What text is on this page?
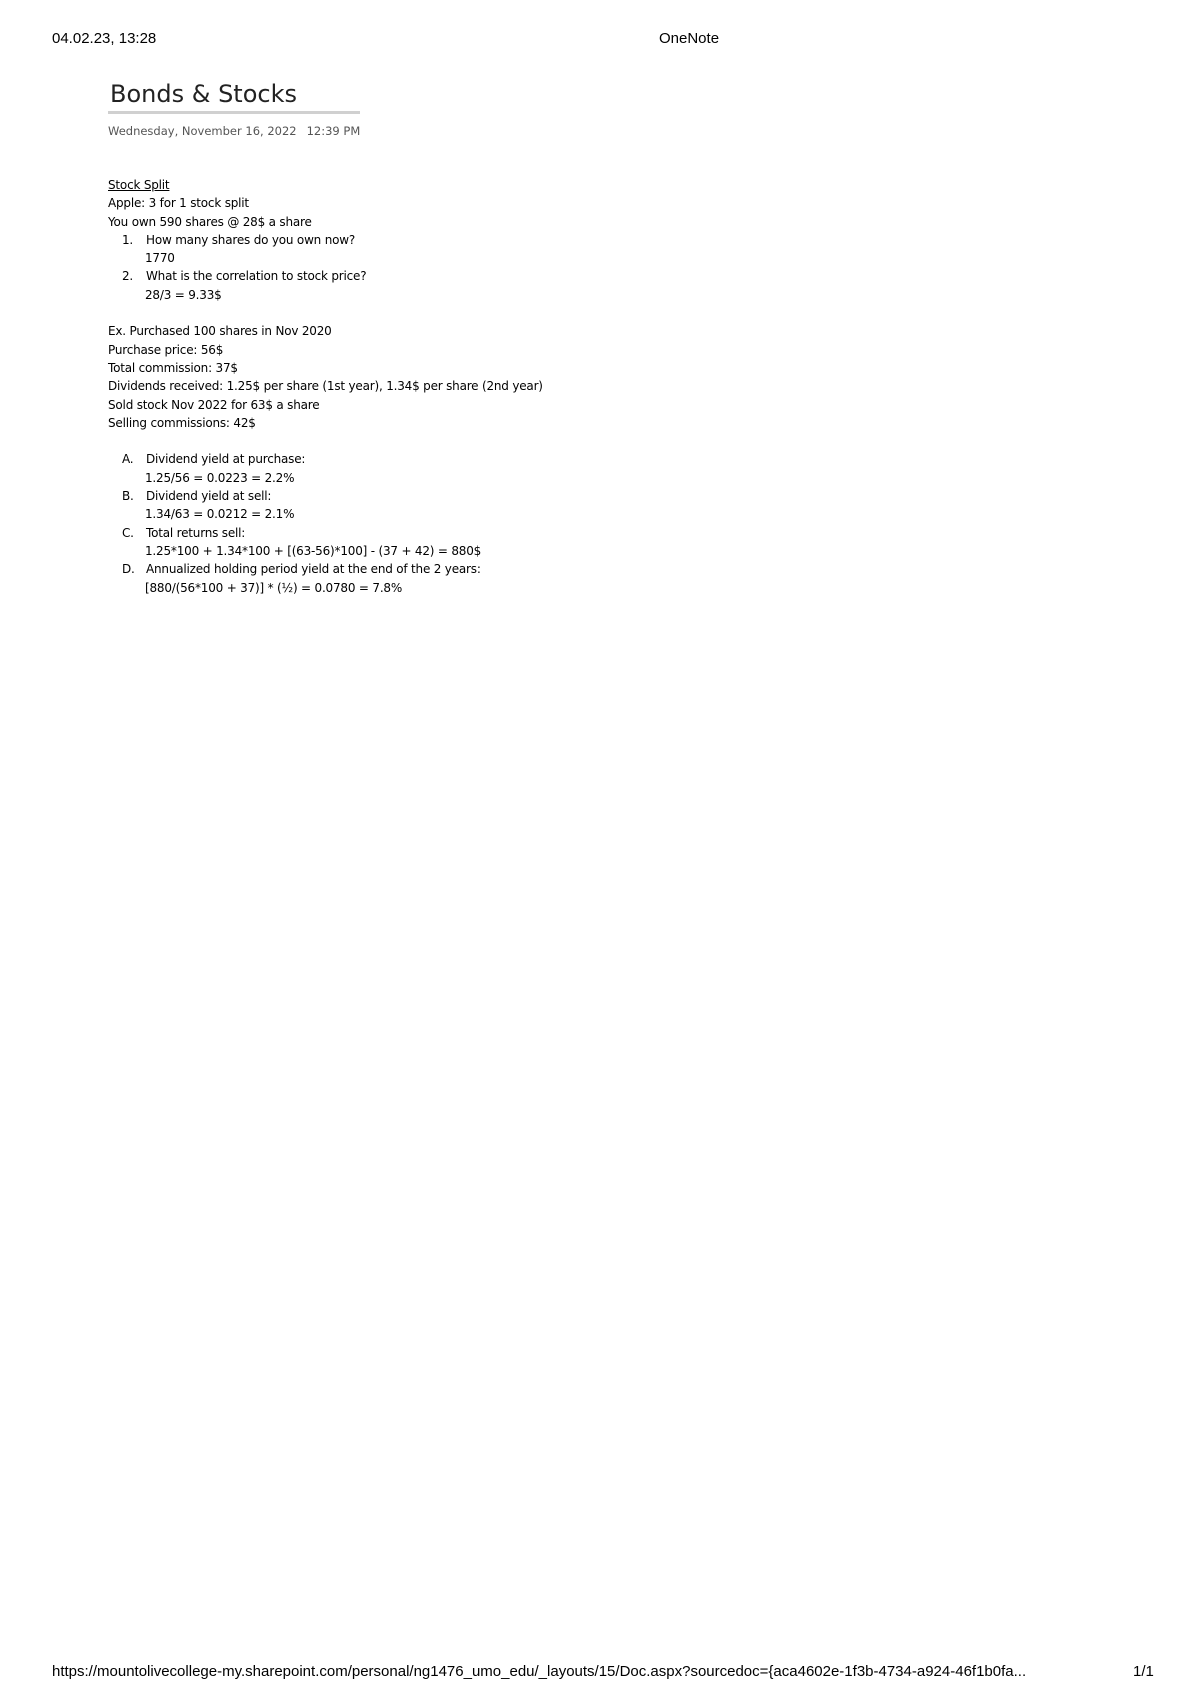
04.02.23, 13:28	OneNote
Bonds & Stocks
Wednesday, November 16, 2022 12:39 PM
Stock Split
Apple: 3 for 1 stock split
You own 590 shares @ 28$ a share
1. How many shares do you own now?
1770
2. What is the correlation to stock price?
28/3 = 9.33$
Ex. Purchased 100 shares in Nov 2020
Purchase price: 56$
Total commission: 37$
Dividends received: 1.25$ per share (1st year), 1.34$ per share (2nd year)
Sold stock Nov 2022 for 63$ a share
Selling commissions: 42$
A. Dividend yield at purchase:
1.25/56 = 0.0223 = 2.2%
B. Dividend yield at sell:
1.34/63 = 0.0212 = 2.1%
C. Total returns sell:
1.25*100 + 1.34*100 + [(63-56)*100] - (37 + 42) = 880$
D. Annualized holding period yield at the end of the 2 years:
[880/(56*100 + 37)] * (½) = 0.0780 = 7.8%
https://mountolivecollege-my.sharepoint.com/personal/ng1476_umo_edu/_layouts/15/Doc.aspx?sourcedoc={aca4602e-1f3b-4734-a924-46f1b0fa...	1/1
